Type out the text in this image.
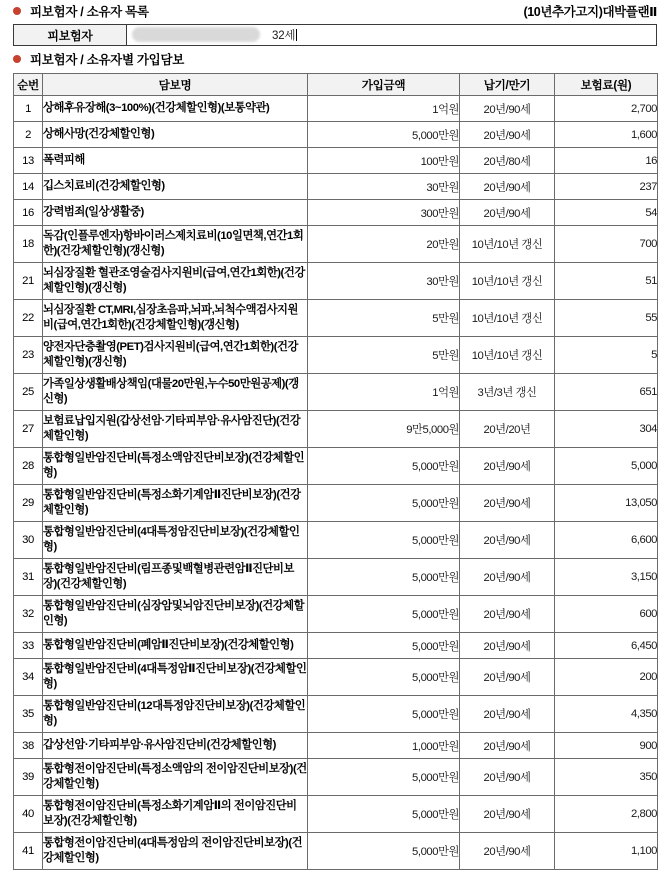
피보험자 / 소유자 목록	(10년추가고지)대박플랜Ⅱ
피보험자	32세
피보험자 / 소유자별 가입담보
순번	담보명	가입금액	납기/만기	보험료(원)
1	상해후유장해(3~100%)(건강체할인형)(보통약관)	1억원	20년/90세	2,700
2	상해사망(건강체할인형)	5,000만원	20년/90세	1,600
13	폭력피해	100만원	20년/80세	16
14	깁스치료비(건강체할인형)	30만원	20년/90세	237
16	강력범죄(일상생활중)	300만원	20년/90세	54
18	독감(인플루엔자)항바이러스제치료비(10일면책,연간1회한)(건강체할인형)(갱신형)	20만원	10년/10년 갱신	700
21	뇌심장질환 혈관조영술검사지원비(급여,연간1회한)(건강체할인형)(갱신형)	30만원	10년/10년 갱신	51
22	뇌심장질환 CT,MRI,심장초음파,뇌파,뇌척수액검사지원비(급여,연간1회한)(건강체할인형)(갱신형)	5만원	10년/10년 갱신	55
23	양전자단층촬영(PET)검사지원비(급여,연간1회한)(건강체할인형)(갱신형)	5만원	10년/10년 갱신	5
25	가족일상생활배상책임(대물20만원,누수50만원공제)(갱신형)	1억원	3년/3년 갱신	651
27	보험료납입지원(갑상선암·기타피부암·유사암진단)(건강체할인형)	9만5,000원	20년/20년	304
28	통합형일반암진단비(특정소액암진단비보장)(건강체할인형)	5,000만원	20년/90세	5,000
29	통합형일반암진단비(특정소화기계암Ⅱ진단비보장)(건강체할인형)	5,000만원	20년/90세	13,050
30	통합형일반암진단비(4대특정암진단비보장)(건강체할인형)	5,000만원	20년/90세	6,600
31	통합형일반암진단비(림프종및백혈병관련암Ⅱ진단비보장)(건강체할인형)	5,000만원	20년/90세	3,150
32	통합형일반암진단비(심장암및뇌암진단비보장)(건강체할인형)	5,000만원	20년/90세	600
33	통합형일반암진단비(폐암Ⅱ진단비보장)(건강체할인형)	5,000만원	20년/90세	6,450
34	통합형일반암진단비(4대특정암Ⅱ진단비보장)(건강체할인형)	5,000만원	20년/90세	200
35	통합형일반암진단비(12대특정암진단비보장)(건강체할인형)	5,000만원	20년/90세	4,350
38	갑상선암·기타피부암·유사암진단비(건강체할인형)	1,000만원	20년/90세	900
39	통합형전이암진단비(특정소액암의 전이암진단비보장)(건강체할인형)	5,000만원	20년/90세	350
40	통합형전이암진단비(특정소화기계암Ⅱ의 전이암진단비보장)(건강체할인형)	5,000만원	20년/90세	2,800
41	통합형전이암진단비(4대특정암의 전이암진단비보장)(건강체할인형)	5,000만원	20년/90세	1,100
